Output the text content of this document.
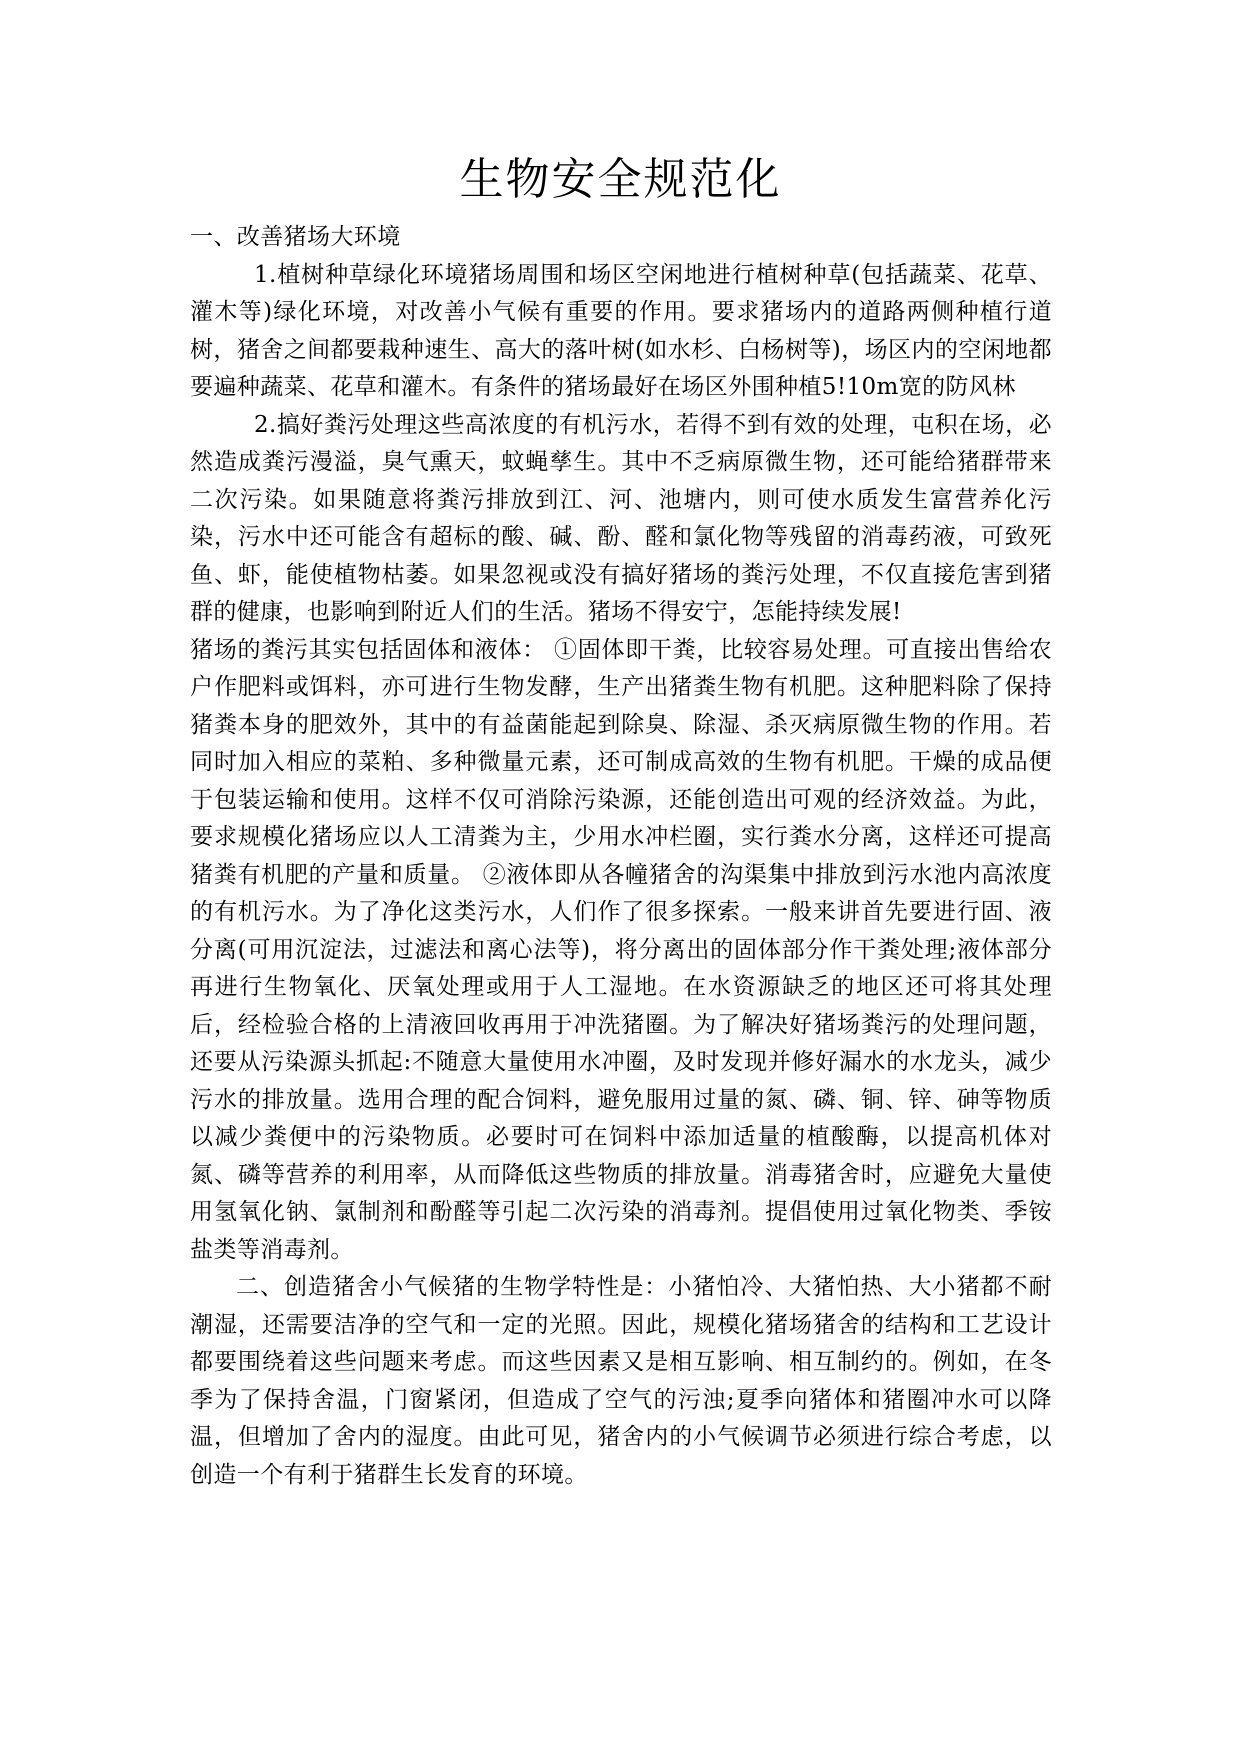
生物安全规范化

一、改善猪场大环境

1.植树种草绿化环境猪场周围和场区空闲地进行植树种草(包括蔬菜、花草、灌木等)绿化环境，对改善小气候有重要的作用。要求猪场内的道路两侧种植行道树，猪舍之间都要栽种速生、高大的落叶树(如水杉、白杨树等)，场区内的空闲地都要遍种蔬菜、花草和灌木。有条件的猪场最好在场区外围种植5!10m宽的防风林

2.搞好粪污处理这些高浓度的有机污水，若得不到有效的处理，屯积在场，必然造成粪污漫溢，臭气熏天，蚊蝇孳生。其中不乏病原微生物，还可能给猪群带来二次污染。如果随意将粪污排放到江、河、池塘内，则可使水质发生富营养化污染，污水中还可能含有超标的酸、碱、酚、醛和氯化物等残留的消毒药液，可致死鱼、虾，能使植物枯萎。如果忽视或没有搞好猪场的粪污处理，不仅直接危害到猪群的健康，也影响到附近人们的生活。猪场不得安宁，怎能持续发展!

猪场的粪污其实包括固体和液体： ①固体即干粪，比较容易处理。可直接出售给农户作肥料或饵料，亦可进行生物发酵，生产出猪粪生物有机肥。这种肥料除了保持猪粪本身的肥效外，其中的有益菌能起到除臭、除湿、杀灭病原微生物的作用。若同时加入相应的菜粕、多种微量元素，还可制成高效的生物有机肥。干燥的成品便于包装运输和使用。这样不仅可消除污染源，还能创造出可观的经济效益。为此，要求规模化猪场应以人工清粪为主，少用水冲栏圈，实行粪水分离，这样还可提高猪粪有机肥的产量和质量。 ②液体即从各幢猪舍的沟渠集中排放到污水池内高浓度的有机污水。为了净化这类污水，人们作了很多探索。一般来讲首先要进行固、液分离(可用沉淀法，过滤法和离心法等)，将分离出的固体部分作干粪处理;液体部分再进行生物氧化、厌氧处理或用于人工湿地。在水资源缺乏的地区还可将其处理后，经检验合格的上清液回收再用于冲洗猪圈。为了解决好猪场粪污的处理问题，还要从污染源头抓起:不随意大量使用水冲圈，及时发现并修好漏水的水龙头，减少污水的排放量。选用合理的配合饲料，避免服用过量的氮、磷、铜、锌、砷等物质以减少粪便中的污染物质。必要时可在饲料中添加适量的植酸酶，以提高机体对氮、磷等营养的利用率，从而降低这些物质的排放量。消毒猪舍时，应避免大量使用氢氧化钠、氯制剂和酚醛等引起二次污染的消毒剂。提倡使用过氧化物类、季铵盐类等消毒剂。

二、创造猪舍小气候猪的生物学特性是：小猪怕冷、大猪怕热、大小猪都不耐潮湿，还需要洁净的空气和一定的光照。因此，规模化猪场猪舍的结构和工艺设计都要围绕着这些问题来考虑。而这些因素又是相互影响、相互制约的。例如，在冬季为了保持舍温，门窗紧闭，但造成了空气的污浊;夏季向猪体和猪圈冲水可以降温，但增加了舍内的湿度。由此可见，猪舍内的小气候调节必须进行综合考虑，以创造一个有利于猪群生长发育的环境。
